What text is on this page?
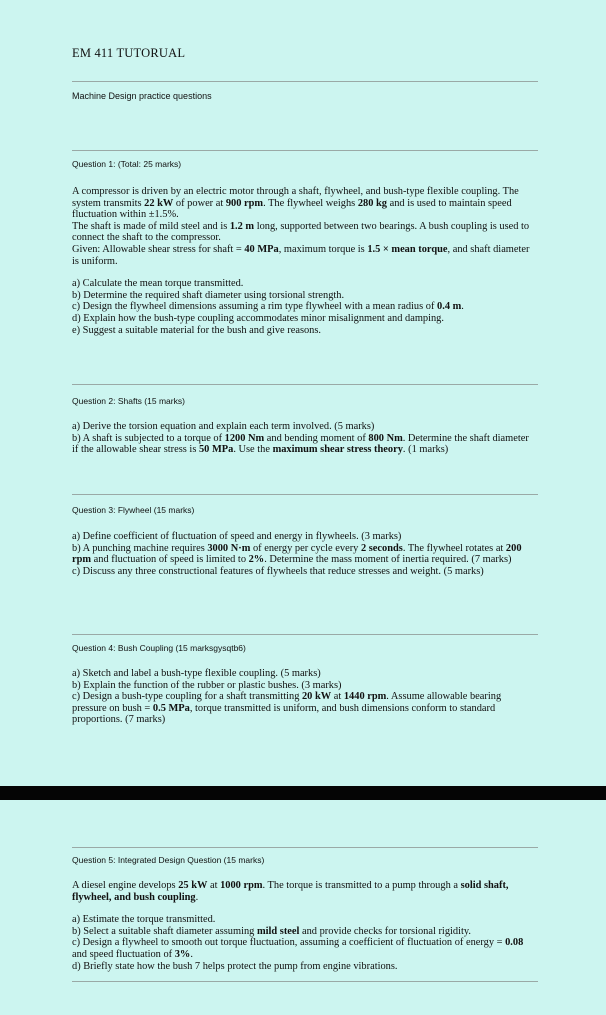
EM 411 TUTORUAL
Machine Design practice questions
Question 1: (Total: 25 marks)

A compressor is driven by an electric motor through a shaft, flywheel, and bush-type flexible coupling. The system transmits 22 kW of power at 900 rpm. The flywheel weighs 280 kg and is used to maintain speed fluctuation within ±1.5%.

The shaft is made of mild steel and is 1.2 m long, supported between two bearings. A bush coupling is used to connect the shaft to the compressor.

Given: Allowable shear stress for shaft = 40 MPa, maximum torque is 1.5 × mean torque, and shaft diameter is uniform.

a) Calculate the mean torque transmitted.

b) Determine the required shaft diameter using torsional strength.

c) Design the flywheel dimensions assuming a rim type flywheel with a mean radius of 0.4 m.

d) Explain how the bush-type coupling accommodates minor misalignment and damping.

e) Suggest a suitable material for the bush and give reasons.

Question 2: Shafts (15 marks)

a) Derive the torsion equation and explain each term involved. (5 marks)

b) A shaft is subjected to a torque of 1200 Nm and bending moment of 800 Nm. Determine the shaft diameter if the allowable shear stress is 50 MPa. Use the maximum shear stress theory. (1 marks)

Question 3: Flywheel (15 marks)

a) Define coefficient of fluctuation of speed and energy in flywheels. (3 marks)

b) A punching machine requires 3000 N·m of energy per cycle every 2 seconds. The flywheel rotates at 200 rpm and fluctuation of speed is limited to 2%. Determine the mass moment of inertia required. (7 marks)

c) Discuss any three constructional features of flywheels that reduce stresses and weight. (5 marks)

Question 4: Bush Coupling (15 marksgysqtb6)

a) Sketch and label a bush-type flexible coupling. (5 marks)

b) Explain the function of the rubber or plastic bushes. (3 marks)

c) Design a bush-type coupling for a shaft transmitting 20 kW at 1440 rpm. Assume allowable bearing pressure on bush = 0.5 MPa, torque transmitted is uniform, and bush dimensions conform to standard proportions. (7 marks)

Question 5: Integrated Design Question (15 marks)

A diesel engine develops 25 kW at 1000 rpm. The torque is transmitted to a pump through a solid shaft, flywheel, and bush coupling.

a) Estimate the torque transmitted.

b) Select a suitable shaft diameter assuming mild steel and provide checks for torsional rigidity.

c) Design a flywheel to smooth out torque fluctuation, assuming a coefficient of fluctuation of energy = 0.08 and speed fluctuation of 3%.

d) Briefly state how the bush 7 helps protect the pump from engine vibrations.
